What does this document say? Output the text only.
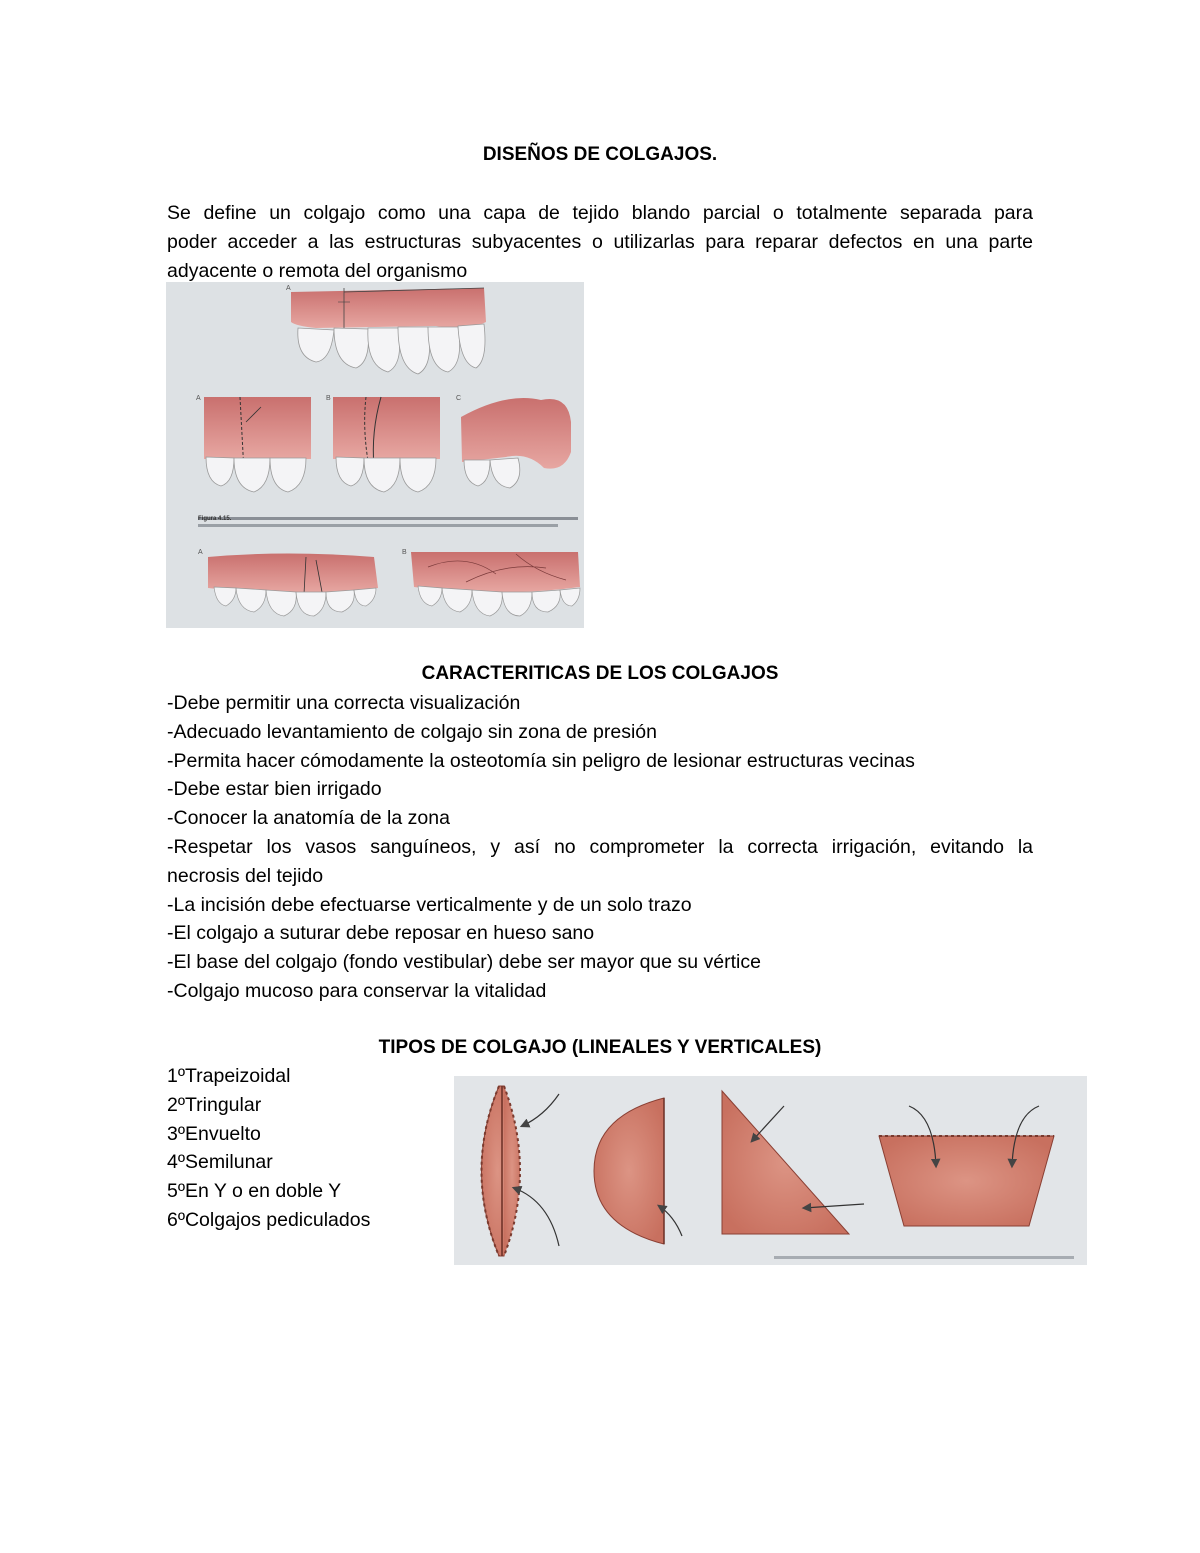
DISEÑOS DE COLGAJOS.
Se define un colgajo como una capa de tejido blando parcial o totalmente separada para
poder acceder a las estructuras subyacentes o utilizarlas para reparar defectos en una parte
adyacente o remota del organismo
A
A	B	C
Figura 4.15.
A	B
CARACTERITICAS DE LOS COLGAJOS
-Debe permitir una correcta visualización
-Adecuado levantamiento de colgajo sin zona de presión
-Permita hacer cómodamente la osteotomía sin peligro de lesionar estructuras vecinas
-Debe estar bien irrigado
-Conocer la anatomía de la zona
-Respetar los vasos sanguíneos, y así no comprometer la correcta irrigación, evitando la
necrosis del tejido
-La incisión debe efectuarse verticalmente y de un solo trazo
-El colgajo a suturar debe reposar en hueso sano
-El base del colgajo (fondo vestibular) debe ser mayor que su vértice
-Colgajo mucoso para conservar la vitalidad
TIPOS DE COLGAJO (LINEALES Y VERTICALES)
1ºTrapeizoidal
2ºTringular
3ºEnvuelto
4ºSemilunar
5ºEn Y o en doble Y
6ºColgajos pediculados
